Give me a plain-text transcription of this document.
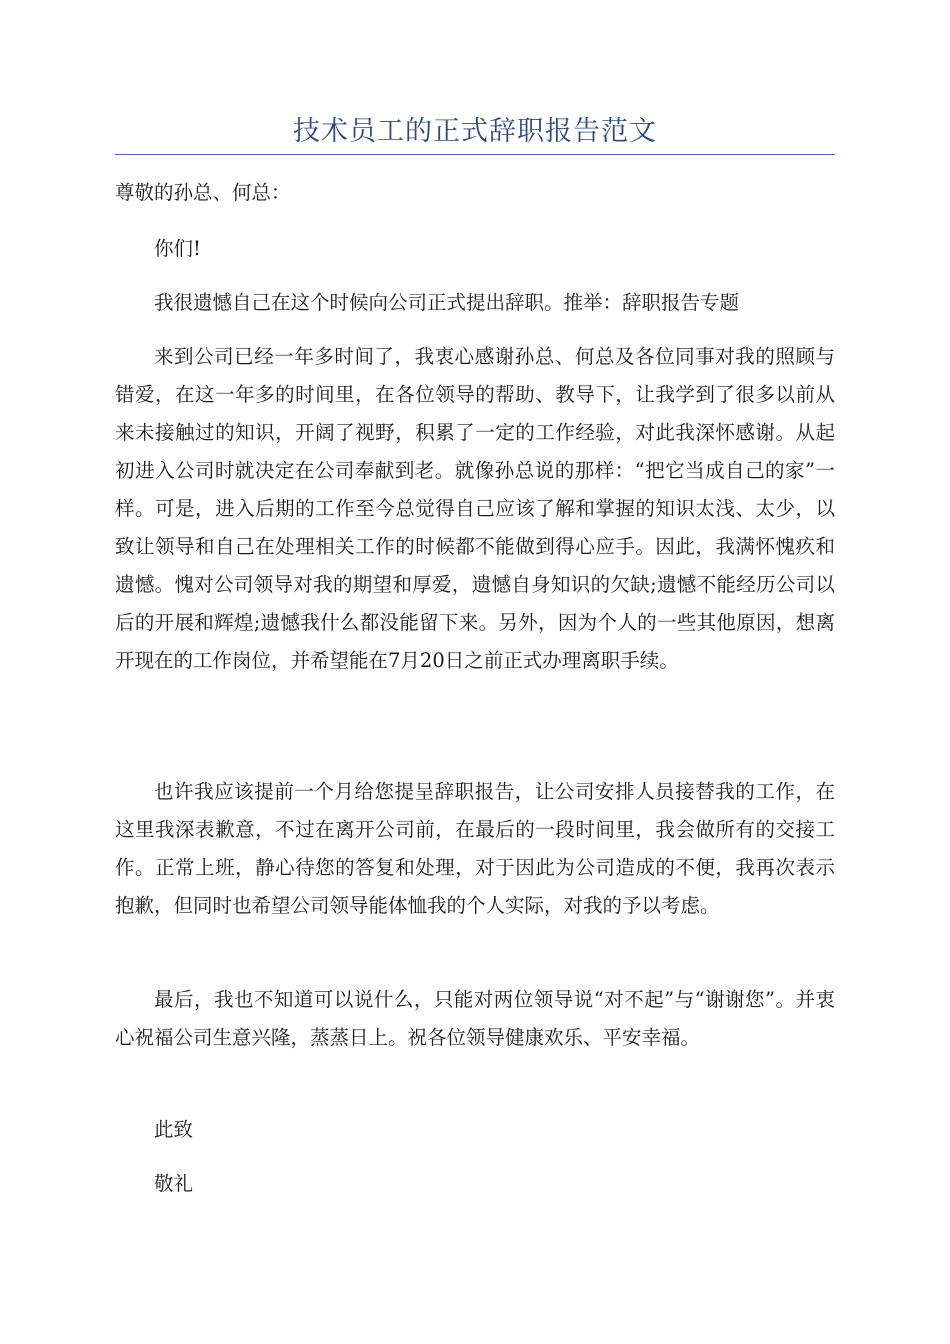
技术员工的正式辞职报告范文

尊敬的孙总、何总：

你们!

我很遗憾自己在这个时候向公司正式提出辞职。推举：辞职报告专题

来到公司已经一年多时间了，我衷心感谢孙总、何总及各位同事对我的照顾与错爱，在这一年多的时间里，在各位领导的帮助、教导下，让我学到了很多以前从来未接触过的知识，开阔了视野，积累了一定的工作经验，对此我深怀感谢。从起初进入公司时就决定在公司奉献到老。就像孙总说的那样：“把它当成自己的家”一样。可是，进入后期的工作至今总觉得自己应该了解和掌握的知识太浅、太少，以致让领导和自己在处理相关工作的时候都不能做到得心应手。因此，我满怀愧疚和遗憾。愧对公司领导对我的期望和厚爱，遗憾自身知识的欠缺;遗憾不能经历公司以后的开展和辉煌;遗憾我什么都没能留下来。另外，因为个人的一些其他原因，想离开现在的工作岗位，并希望能在7月20日之前正式办理离职手续。

也许我应该提前一个月给您提呈辞职报告，让公司安排人员接替我的工作，在这里我深表歉意，不过在离开公司前，在最后的一段时间里，我会做所有的交接工作。正常上班，静心待您的答复和处理，对于因此为公司造成的不便，我再次表示抱歉，但同时也希望公司领导能体恤我的个人实际，对我的予以考虑。

最后，我也不知道可以说什么，只能对两位领导说“对不起”与“谢谢您”。并衷心祝福公司生意兴隆，蒸蒸日上。祝各位领导健康欢乐、平安幸福。

此致

敬礼
